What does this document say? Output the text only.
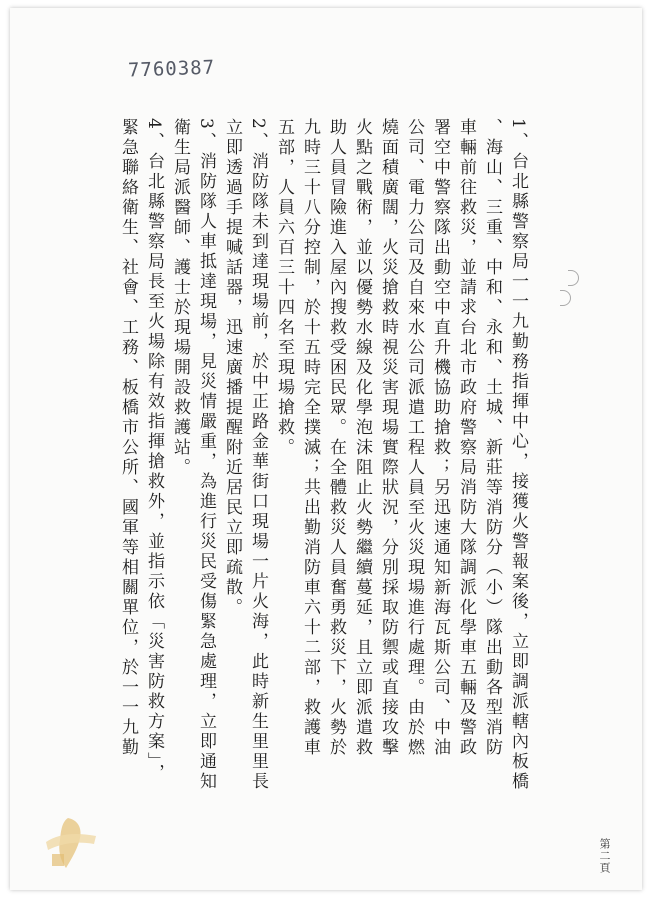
7760387
1、台北縣警察局一一九勤務指揮中心，接獲火警報案後，立即調派轄內板橋
、海山、三重、中和、永和、土城、新莊等消防分（小）隊出動各型消防
車輛前往救災，並請求台北市政府警察局消防大隊調派化學車五輛及警政
署空中警察隊出動空中直升機協助搶救；另迅速通知新海瓦斯公司、中油
公司、電力公司及自來水公司派遣工程人員至火災現場進行處理。由於燃
燒面積廣闊，火災搶救時視災害現場實際狀況，分別採取防禦或直接攻擊
火點之戰術，並以優勢水線及化學泡沫阻止火勢繼續蔓延，且立即派遣救
助人員冒險進入屋內搜救受困民眾。在全體救災人員奮勇救災下，火勢於
九時三十八分控制，於十五時完全撲滅；共出勤消防車六十二部，救護車
五部，人員六百三十四名至現場搶救。
2、消防隊未到達現場前，於中正路金華街口現場一片火海，此時新生里里長
立即透過手提喊話器，迅速廣播提醒附近居民立即疏散。
3、消防隊人車抵達現場，見災情嚴重，為進行災民受傷緊急處理，立即通知
衛生局派醫師、護士於現場開設救護站。
4、台北縣警察局長至火場除有效指揮搶救外，並指示依「災害防救方案」，
緊急聯絡衛生、社會、工務、板橋市公所、國軍等相關單位，於一一九勤
第二頁
